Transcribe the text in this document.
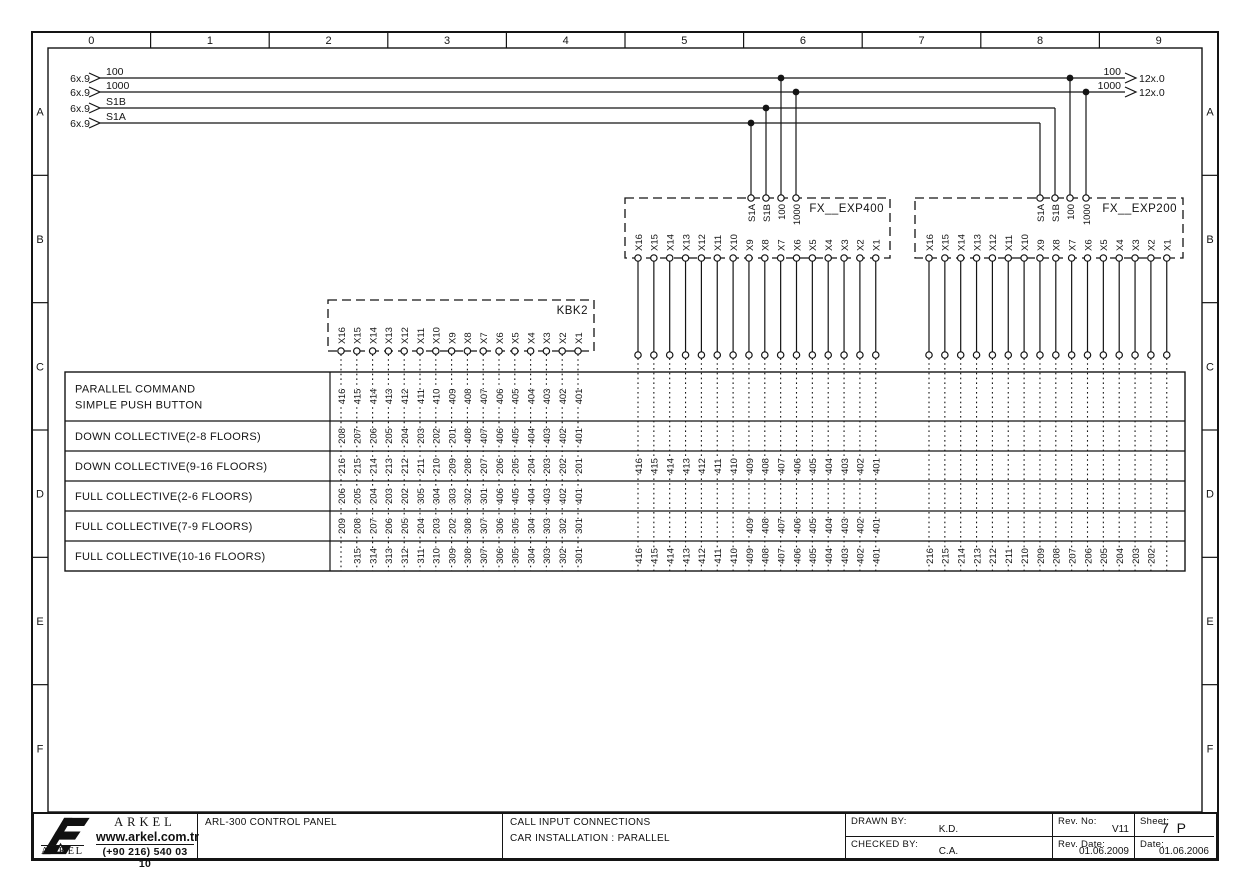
0	1	2	3	4	5	6	7	8	9
A	A
B	B
C	C
D	D
E	E
F	F
6x.9
100	100
12x.0
6x.9
1000	1000
12x.0
6x.9
S1B
6x.9
S1A
KBK2
X16 X15 X14 X13 X12 X11 X10 X9 X8 X7 X6 X5 X4 X3 X2 X1
FX__EXP400
X16 X15 X14 X13 X12 X11 X10 X9 X8 X7 X6 X5 X4 X3 X2 X1
S1A S1B 100 1000	FX__EXP200
X16 X15 X14 X13 X12 X11 X10 X9 X8 X7 X6 X5 X4 X3 X2 X1
S1A S1B 100 1000
PARALLEL COMMAND
SIMPLE PUSH BUTTON
416 415 414 413 412 411 410 409 408 407 406 405 404 403 402 401
DOWN COLLECTIVE(2-8 FLOORS)	208 207 206 205 204 203 202 201 408 407 406 405 404 403 402 401
DOWN COLLECTIVE(9-16 FLOORS)	216 215 214 213 212 211 210 209 208 207 206 205 204 203 202 201	416 415 414 413 412 411 410 409 408 407 406 405 404 403 402 401
FULL COLLECTIVE(2-6 FLOORS)	206 205 204 203 202 305 304 303 302 301 406 405 404 403 402 401
FULL COLLECTIVE(7-9 FLOORS)	209 208 207 206 205 204 203 202 308 307 306 305 304 303 302 301	409 408 407 406 405 404 403 402 401
FULL COLLECTIVE(10-16 FLOORS)	315 314 313 312 311 310 309 308 307 306 305 304 303 302 301	416 415 414 413 412 411 410 409 408 407 406 405 404 403 402 401	216 215 214 213 212 211 210 209 208 207 206 205 204 203 202
ARKEL
ARKEL
www.arkel.com.tr
(+90 216) 540 03 10
ARL-300 CONTROL PANEL	CALL INPUT CONNECTIONS
CAR INSTALLATION : PARALLEL
DRAWN BY:
K.D.
CHECKED BY:
C.A.
Rev. No:
V11
Rev. Date:
01.06.2009
Sheet:
7 P
Date:
01.06.2006
